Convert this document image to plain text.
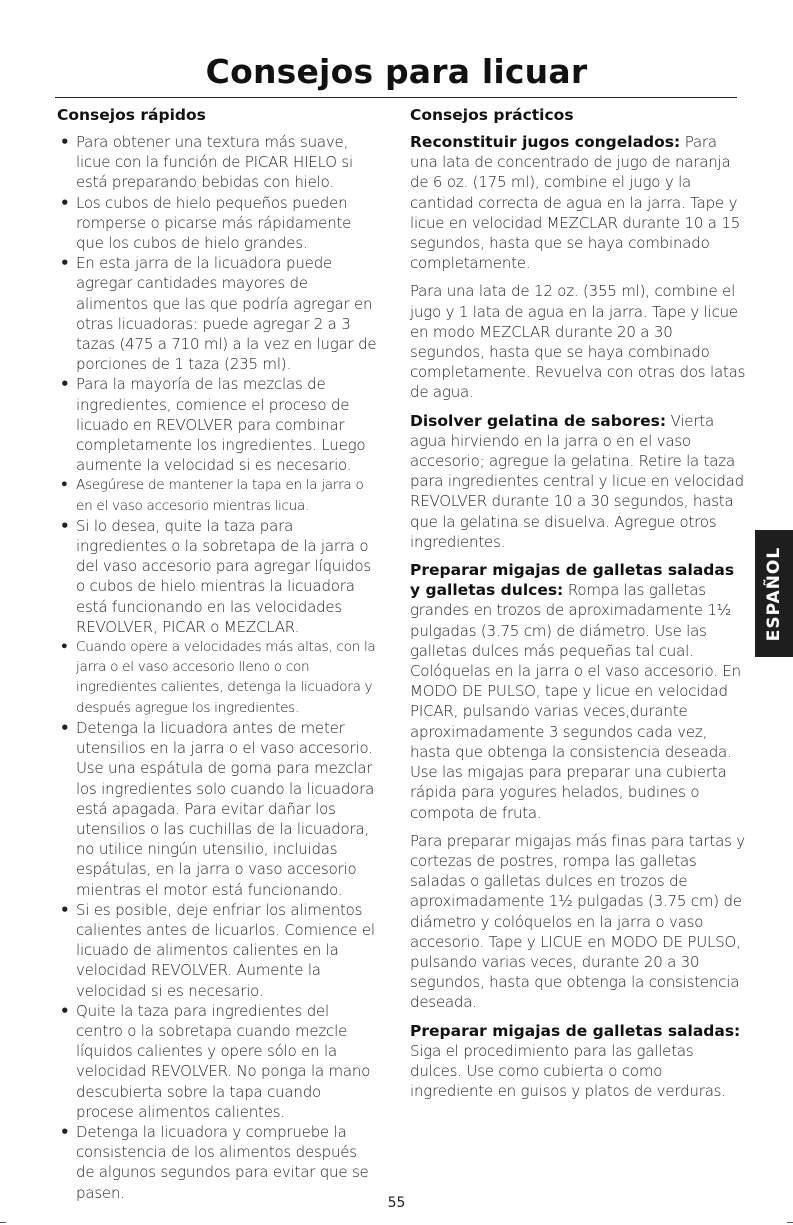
Consejos para licuar
Consejos rápidos
• Para obtener una textura más suave, licue con la función de PICAR HIELO si está preparando bebidas con hielo.
• Los cubos de hielo pequeños pueden romperse o picarse más rápidamente que los cubos de hielo grandes.
• En esta jarra de la licuadora puede agregar cantidades mayores de alimentos que las que podría agregar en otras licuadoras: puede agregar 2 a 3 tazas (475 a 710 ml) a la vez en lugar de porciones de 1 taza (235 ml).
• Para la mayoría de las mezclas de ingredientes, comience el proceso de licuado en REVOLVER para combinar completamente los ingredientes. Luego aumente la velocidad si es necesario.
• Asegúrese de mantener la tapa en la jarra o en el vaso accesorio mientras licua.
• Si lo desea, quite la taza para ingredientes o la sobretapa de la jarra o del vaso accesorio para agregar líquidos o cubos de hielo mientras la licuadora está funcionando en las velocidades REVOLVER, PICAR o MEZCLAR.
• Cuando opere a velocidades más altas, con la jarra o el vaso accesorio lleno o con ingredientes calientes, detenga la licuadora y después agregue los ingredientes.
• Detenga la licuadora antes de meter utensilios en la jarra o el vaso accesorio. Use una espátula de goma para mezclar los ingredientes solo cuando la licuadora está apagada. Para evitar dañar los utensilios o las cuchillas de la licuadora, no utilice ningún utensilio, incluidas espátulas, en la jarra o vaso accesorio mientras el motor está funcionando.
• Si es posible, deje enfriar los alimentos calientes antes de licuarlos. Comience el licuado de alimentos calientes en la velocidad REVOLVER. Aumente la velocidad si es necesario.
• Quite la taza para ingredientes del centro o la sobretapa cuando mezcle líquidos calientes y opere sólo en la velocidad REVOLVER. No ponga la mano descubierta sobre la tapa cuando procese alimentos calientes.
• Detenga la licuadora y compruebe la consistencia de los alimentos después de algunos segundos para evitar que se pasen.
Consejos prácticos

Reconstituir jugos congelados: Para una lata de concentrado de jugo de naranja de 6 oz. (175 ml), combine el jugo y la cantidad correcta de agua en la jarra. Tape y licue en velocidad MEZCLAR durante 10 a 15 segundos, hasta que se haya combinado completamente.

Para una lata de 12 oz. (355 ml), combine el jugo y 1 lata de agua en la jarra. Tape y licue en modo MEZCLAR durante 20 a 30 segundos, hasta que se haya combinado completamente. Revuelva con otras dos latas de agua.

Disolver gelatina de sabores: Vierta agua hirviendo en la jarra o en el vaso accesorio; agregue la gelatina. Retire la taza para ingredientes central y licue en velocidad REVOLVER durante 10 a 30 segundos, hasta que la gelatina se disuelva. Agregue otros ingredientes.

Preparar migajas de galletas saladas y galletas dulces: Rompa las galletas grandes en trozos de aproximadamente 1½ pulgadas (3.75 cm) de diámetro. Use las galletas dulces más pequeñas tal cual. Colóquelas en la jarra o el vaso accesorio. En MODO DE PULSO, tape y licue en velocidad PICAR, pulsando varias veces,durante aproximadamente 3 segundos cada vez, hasta que obtenga la consistencia deseada. Use las migajas para preparar una cubierta rápida para yogures helados, budines o compota de fruta.

Para preparar migajas más finas para tartas y cortezas de postres, rompa las galletas saladas o galletas dulces en trozos de aproximadamente 1½ pulgadas (3.75 cm) de diámetro y colóquelos en la jarra o vaso accesorio. Tape y LICUE en MODO DE PULSO, pulsando varias veces, durante 20 a 30 segundos, hasta que obtenga la consistencia deseada.

Preparar migajas de galletas saladas:

Siga el procedimiento para las galletas dulces. Use como cubierta o como ingrediente en guisos y platos de verduras.

ESPAÑOL
55
